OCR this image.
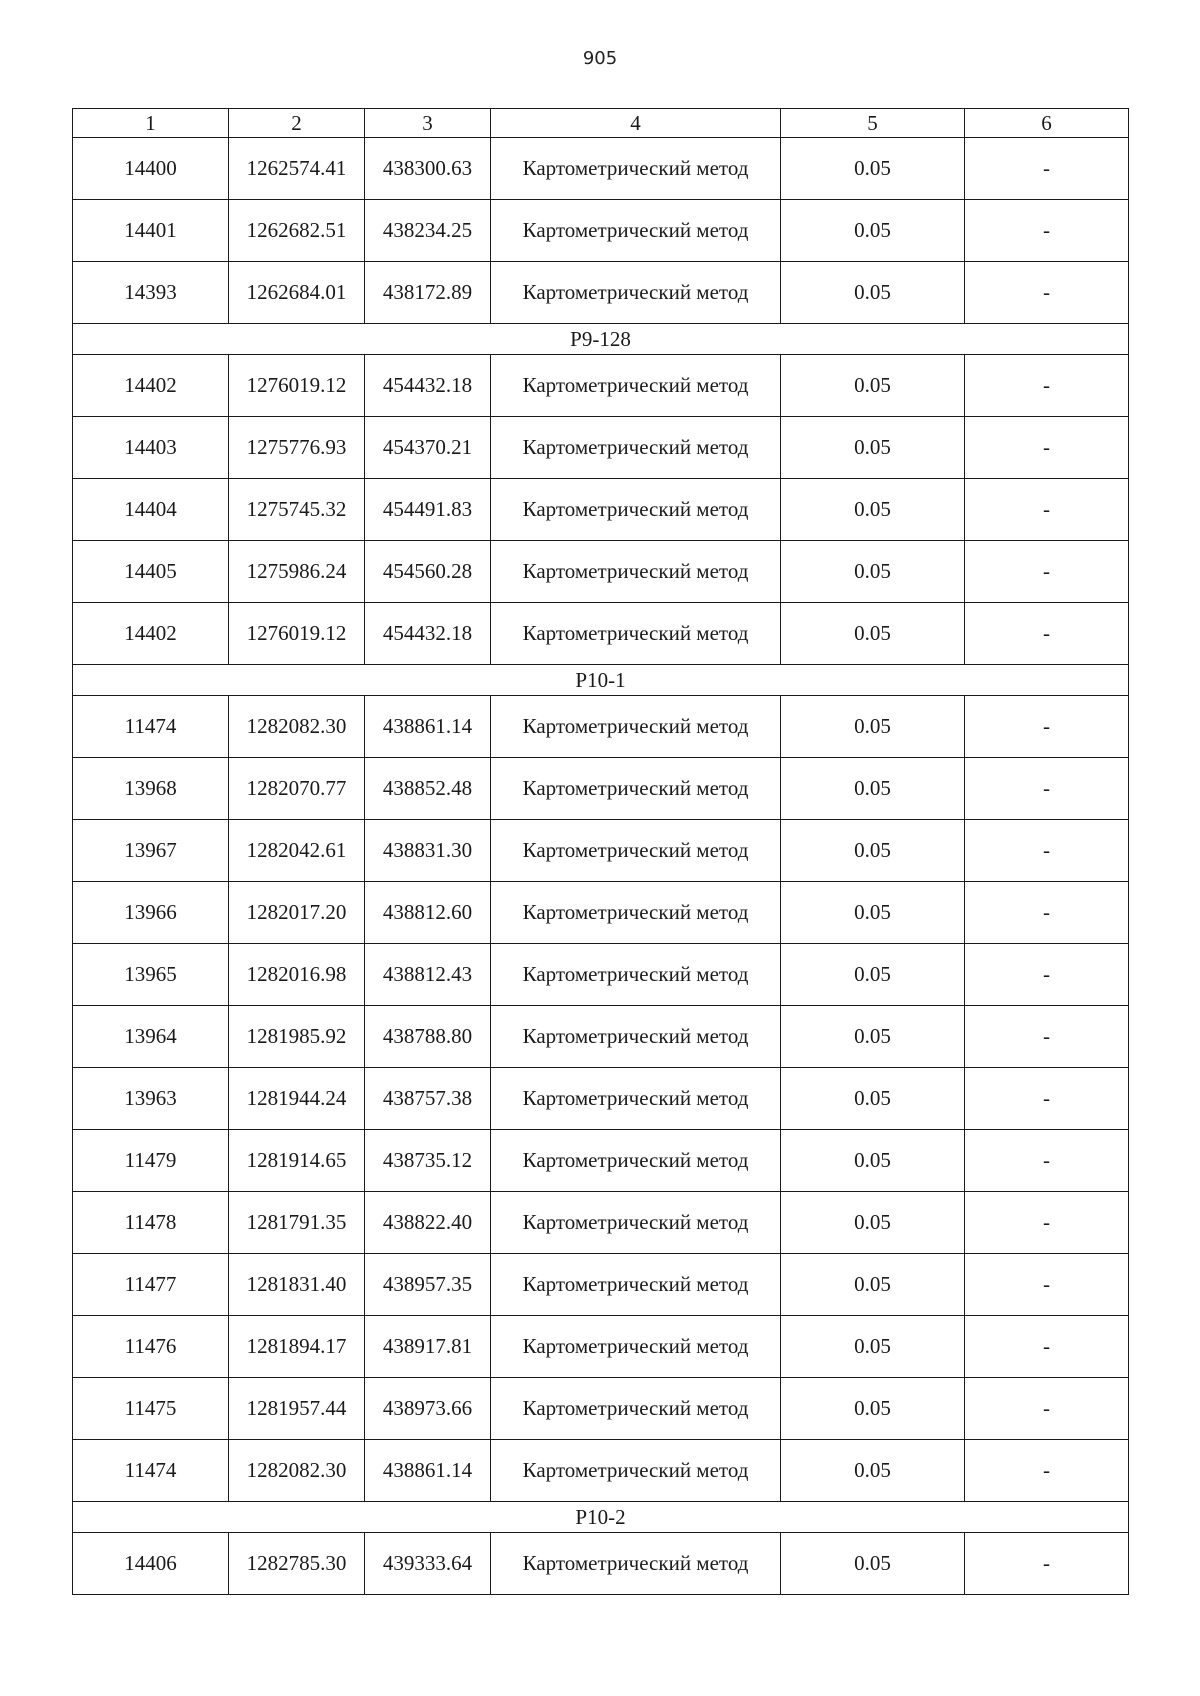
905
1	2	3	4	5	6
14400	1262574.41	438300.63	Картометрический метод	0.05	-
14401	1262682.51	438234.25	Картометрический метод	0.05	-
14393	1262684.01	438172.89	Картометрический метод	0.05	-
Р9-128					
14402	1276019.12	454432.18	Картометрический метод	0.05	-
14403	1275776.93	454370.21	Картометрический метод	0.05	-
14404	1275745.32	454491.83	Картометрический метод	0.05	-
14405	1275986.24	454560.28	Картометрический метод	0.05	-
14402	1276019.12	454432.18	Картометрический метод	0.05	-
Р10-1					
11474	1282082.30	438861.14	Картометрический метод	0.05	-
13968	1282070.77	438852.48	Картометрический метод	0.05	-
13967	1282042.61	438831.30	Картометрический метод	0.05	-
13966	1282017.20	438812.60	Картометрический метод	0.05	-
13965	1282016.98	438812.43	Картометрический метод	0.05	-
13964	1281985.92	438788.80	Картометрический метод	0.05	-
13963	1281944.24	438757.38	Картометрический метод	0.05	-
11479	1281914.65	438735.12	Картометрический метод	0.05	-
11478	1281791.35	438822.40	Картометрический метод	0.05	-
11477	1281831.40	438957.35	Картометрический метод	0.05	-
11476	1281894.17	438917.81	Картометрический метод	0.05	-
11475	1281957.44	438973.66	Картометрический метод	0.05	-
11474	1282082.30	438861.14	Картометрический метод	0.05	-
Р10-2					
14406	1282785.30	439333.64	Картометрический метод	0.05	-
